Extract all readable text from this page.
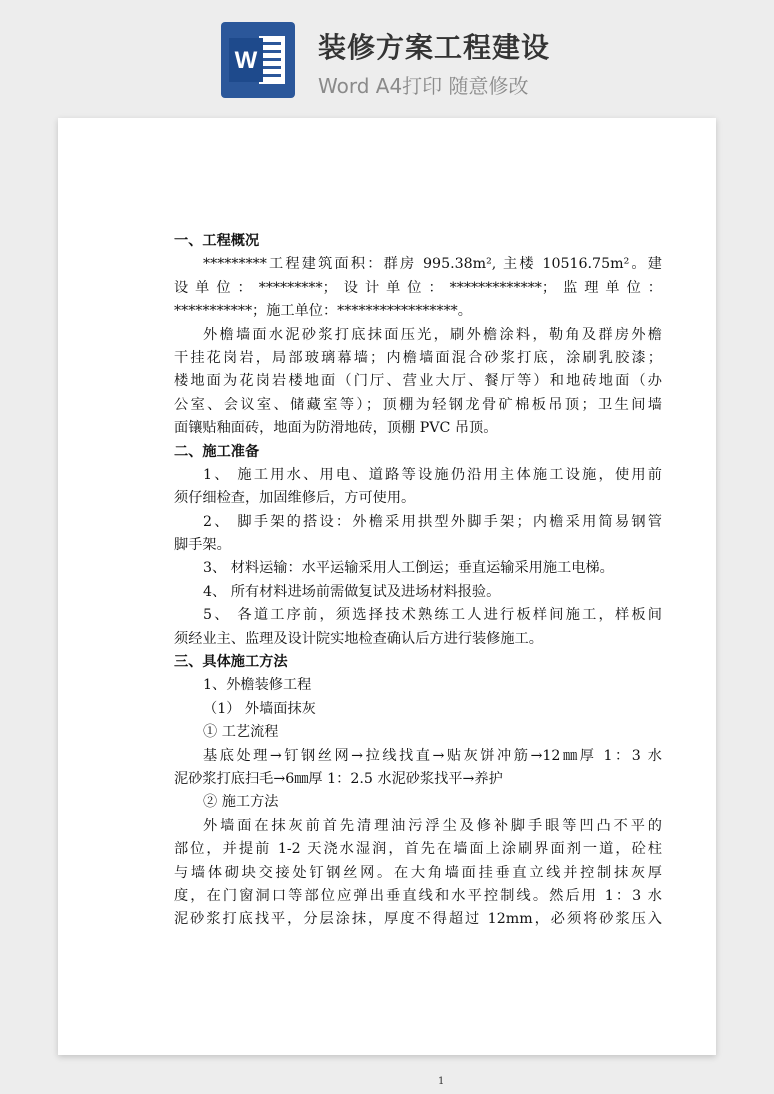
W 装修方案工程建设
Word A4打印 随意修改
一、工程概况
*********工程建筑面积：群房 995.38m², 主楼 10516.75m²。建
设单位：*********；设计单位：*************；监理单位：
***********；施工单位：*****************。
外檐墙面水泥砂浆打底抹面压光，刷外檐涂料，勒角及群房外檐
干挂花岗岩，局部玻璃幕墙；内檐墙面混合砂浆打底，涂刷乳胶漆；
楼地面为花岗岩楼地面（门厅、营业大厅、餐厅等）和地砖地面（办
公室、会议室、储藏室等）；顶棚为轻钢龙骨矿棉板吊顶；卫生间墙
面镶贴釉面砖，地面为防滑地砖，顶棚 PVC 吊顶。
二、施工准备
1、 施工用水、用电、道路等设施仍沿用主体施工设施，使用前
须仔细检查，加固维修后，方可使用。
2、 脚手架的搭设：外檐采用拱型外脚手架；内檐采用简易钢管
脚手架。
3、 材料运输：水平运输采用人工倒运；垂直运输采用施工电梯。
4、 所有材料进场前需做复试及进场材料报验。
5、 各道工序前，须选择技术熟练工人进行板样间施工，样板间
须经业主、监理及设计院实地检查确认后方进行装修施工。
三、具体施工方法
1、外檐装修工程
（1） 外墙面抹灰
① 工艺流程
基底处理→钉钢丝网→拉线找直→贴灰饼冲筋→12㎜厚 1：3 水
泥砂浆打底扫毛→6㎜厚 1：2.5 水泥砂浆找平→养护
② 施工方法
外墙面在抹灰前首先清理油污浮尘及修补脚手眼等凹凸不平的
部位，并提前 1-2 天浇水湿润，首先在墙面上涂刷界面剂一道，砼柱
与墙体砌块交接处钉钢丝网。在大角墙面挂垂直立线并控制抹灰厚
度，在门窗洞口等部位应弹出垂直线和水平控制线。然后用 1：3 水
泥砂浆打底找平，分层涂抹，厚度不得超过 12mm，必须将砂浆压入
1
